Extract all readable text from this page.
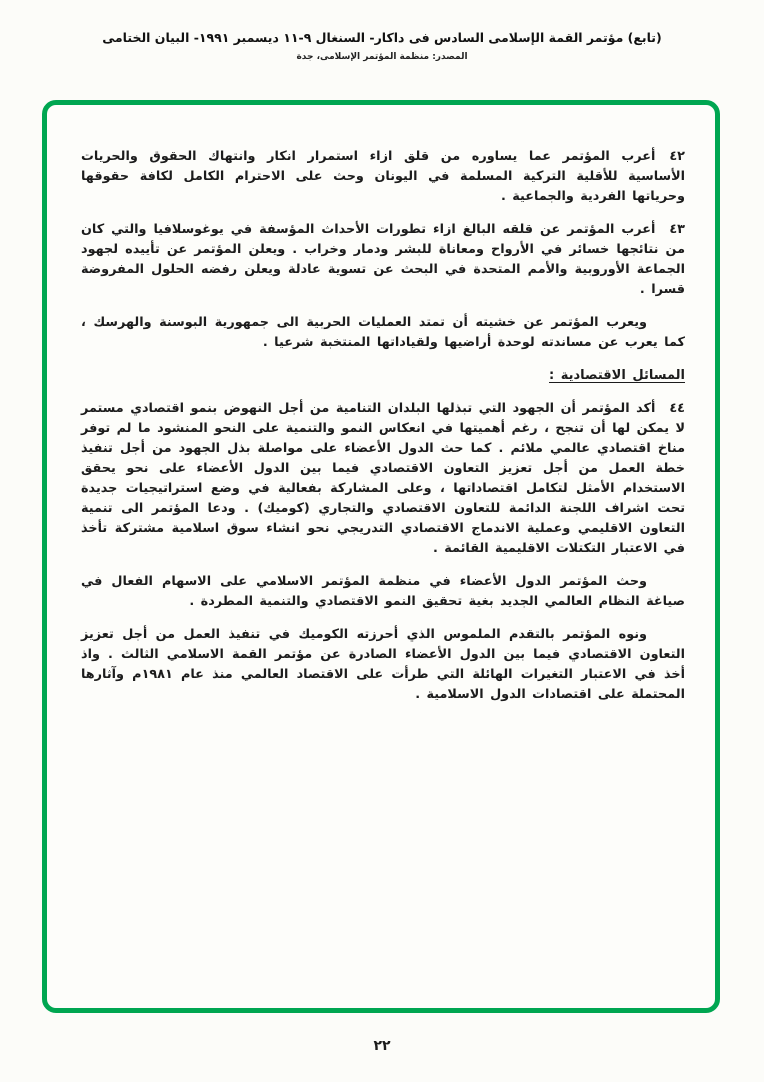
(تابع) مؤتمر القمة الإسلامى السادس فى داكار- السنغال ٩-١١ ديسمبر ١٩٩١- البيان الختامى
المصدر: منظمة المؤتمر الإسلامى، جدة

٤٢أعرب المؤتمر عما يساوره من قلق ازاء استمرار انكار وانتهاك الحقوق والحريات الأساسية للأقلية التركية المسلمة في اليونان وحث على الاحترام الكامل لكافة حقوقها وحرياتها الفردية والجماعية .

٤٣أعرب المؤتمر عن قلقه البالغ ازاء تطورات الأحداث المؤسفة في يوغوسلافيا والتي كان من نتائجها خسائر في الأرواح ومعاناة للبشر ودمار وخراب . ويعلن المؤتمر عن تأييده لجهود الجماعة الأوروبية والأمم المتحدة في البحث عن تسوية عادلة ويعلن رفضه الحلول المفروضة قسرا .

ويعرب المؤتمر عن خشيته أن تمتد العمليات الحربية الى جمهورية البوسنة والهرسك ، كما يعرب عن مساندته لوحدة أراضيها ولقياداتها المنتخبة شرعيا .

المسائل الاقتصادية :

٤٤أكد المؤتمر أن الجهود التي تبذلها البلدان التنامية من أجل النهوض بنمو اقتصادي مستمر لا يمكن لها أن تنجح ، رغم أهميتها في انعكاس النمو والتنمية على النحو المنشود ما لم توفر مناخ اقتصادي عالمي ملائم . كما حث الدول الأعضاء على مواصلة بذل الجهود من أجل تنفيذ خطة العمل من أجل تعزيز التعاون الاقتصادي فيما بين الدول الأعضاء على نحو يحقق الاستخدام الأمثل لتكامل اقتصاداتها ، وعلى المشاركة بفعالية في وضع استراتيجيات جديدة تحت اشراف اللجنة الدائمة للتعاون الاقتصادي والتجاري (كوميك) . ودعا المؤتمر الى تنمية التعاون الاقليمي وعملية الاندماج الاقتصادي التدريجي نحو انشاء سوق اسلامية مشتركة تأخذ في الاعتبار التكتلات الاقليمية القائمة .

وحث المؤتمر الدول الأعضاء في منظمة المؤتمر الاسلامي على الاسهام الفعال في صياغة النظام العالمي الجديد بغية تحقيق النمو الاقتصادي والتنمية المطردة .

ونوه المؤتمر بالتقدم الملموس الذي أحرزته الكوميك في تنفيذ العمل من أجل تعزيز التعاون الاقتصادي فيما بين الدول الأعضاء الصادرة عن مؤتمر القمة الاسلامي الثالث . واذ أخذ في الاعتبار التغيرات الهائلة التي طرأت على الاقتصاد العالمي منذ عام ١٩٨١م وآثارها المحتملة على اقتصادات الدول الاسلامية .

٢٢
